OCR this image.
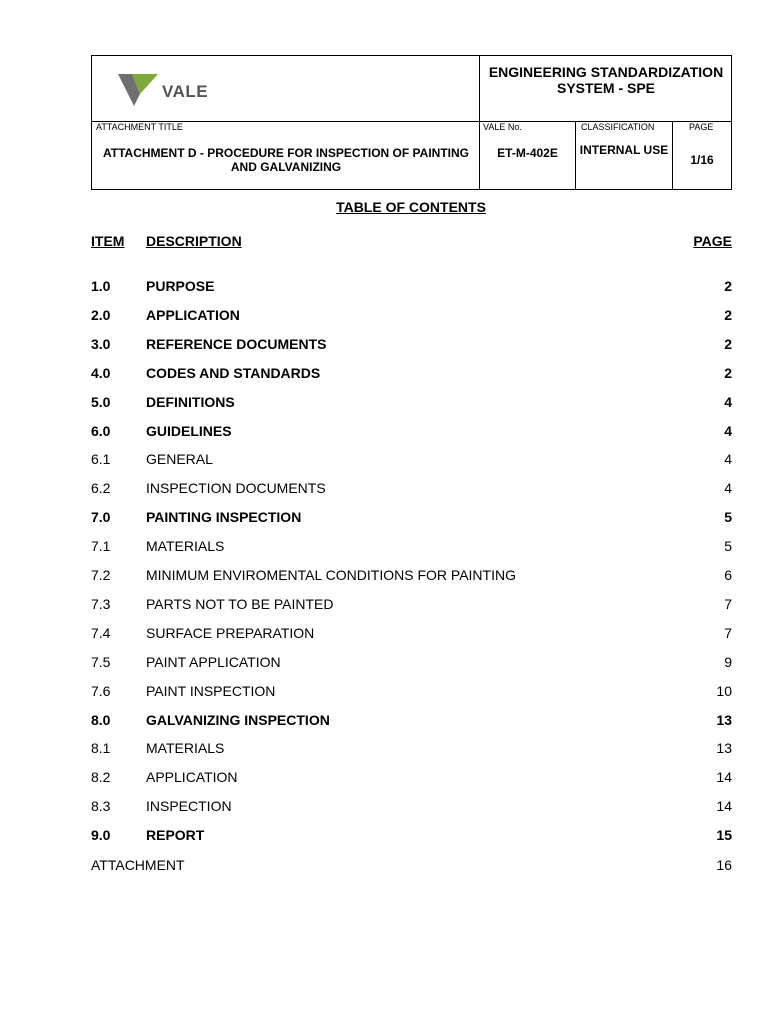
VALE
ENGINEERING STANDARDIZATION SYSTEM - SPE
ATTACHMENT TITLE
ATTACHMENT D - PROCEDURE FOR INSPECTION OF PAINTING AND GALVANIZING
VALE No.
ET-M-402E
CLASSIFICATION
INTERNAL USE
PAGE
1/16
TABLE OF CONTENTS
ITEM DESCRIPTION	PAGE
1.0	PURPOSE	2
2.0	APPLICATION	2
3.0	REFERENCE DOCUMENTS	2
4.0	CODES AND STANDARDS	2
5.0	DEFINITIONS	4
6.0	GUIDELINES	4
6.1	GENERAL	4
6.2	INSPECTION DOCUMENTS	4
7.0	PAINTING INSPECTION	5
7.1	MATERIALS	5
7.2	MINIMUM ENVIROMENTAL CONDITIONS FOR PAINTING	6
7.3	PARTS NOT TO BE PAINTED	7
7.4	SURFACE PREPARATION	7
7.5	PAINT APPLICATION	9
7.6	PAINT INSPECTION	10
8.0	GALVANIZING INSPECTION	13
8.1	MATERIALS	13
8.2	APPLICATION	14
8.3	INSPECTION	14
9.0	REPORT	15
ATTACHMENT	16
